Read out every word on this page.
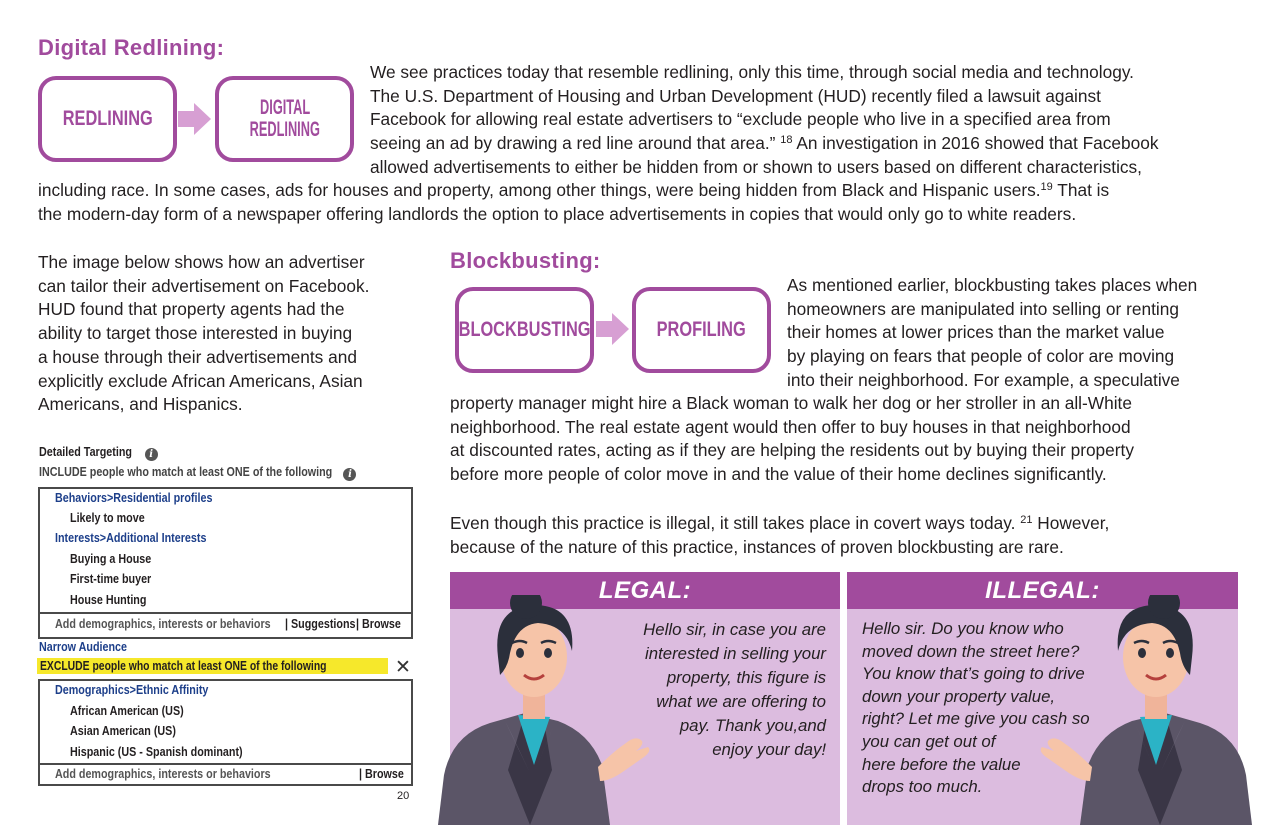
Digital Redlining:
REDLINING	DIGITAL
REDLINING
We see practices today that resemble redlining, only this time, through social media and technology.
The U.S. Department of Housing and Urban Development (HUD) recently filed a lawsuit against
Facebook for allowing real estate advertisers to “exclude people who live in a specified area from
seeing an ad by drawing a red line around that area.” $^{18}$ An investigation in 2016 showed that Facebook
allowed advertisements to either be hidden from or shown to users based on different characteristics,
including race. In some cases, ads for houses and property, among other things, were being hidden from Black and Hispanic users.$^{19}$ That is
the modern-day form of a newspaper offering landlords the option to place advertisements in copies that would only go to white readers.
The image below shows how an advertiser
can tailor their advertisement on Facebook.
HUD found that property agents had the
ability to target those interested in buying
a house through their advertisements and
explicitly exclude African Americans, Asian
Americans, and Hispanics.
Detailed Targeting i
INCLUDE people who match at least ONE of the following i
Behaviors>Residential profiles
Likely to move
Interests>Additional Interests
Buying a House
First-time buyer
House Hunting
Add demographics, interests or behaviors	| Suggestions | Browse
Narrow Audience
EXCLUDE people who match at least ONE of the following	✕
Demographics>Ethnic Affinity
African American (US)
Asian American (US)
Hispanic (US - Spanish dominant)
Add demographics, interests or behaviors	| Browse
20
Blockbusting:
BLOCKBUSTING	PROFILING
As mentioned earlier, blockbusting takes places when
homeowners are manipulated into selling or renting
their homes at lower prices than the market value
by playing on fears that people of color are moving
into their neighborhood. For example, a speculative
property manager might hire a Black woman to walk her dog or her stroller in an all-White
neighborhood. The real estate agent would then offer to buy houses in that neighborhood
at discounted rates, acting as if they are helping the residents out by buying their property
before more people of color move in and the value of their home declines significantly.
Even though this practice is illegal, it still takes place in covert ways today. $^{21}$ However,
because of the nature of this practice, instances of proven blockbusting are rare.
LEGAL:
Hello sir, in case you are
interested in selling your
property, this figure is
what we are offering to
pay. Thank you,and
enjoy your day!
ILLEGAL:
Hello sir. Do you know who
moved down the street here?
You know that’s going to drive
down your property value,
right? Let me give you cash so
you can get out of
here before the value
drops too much.
